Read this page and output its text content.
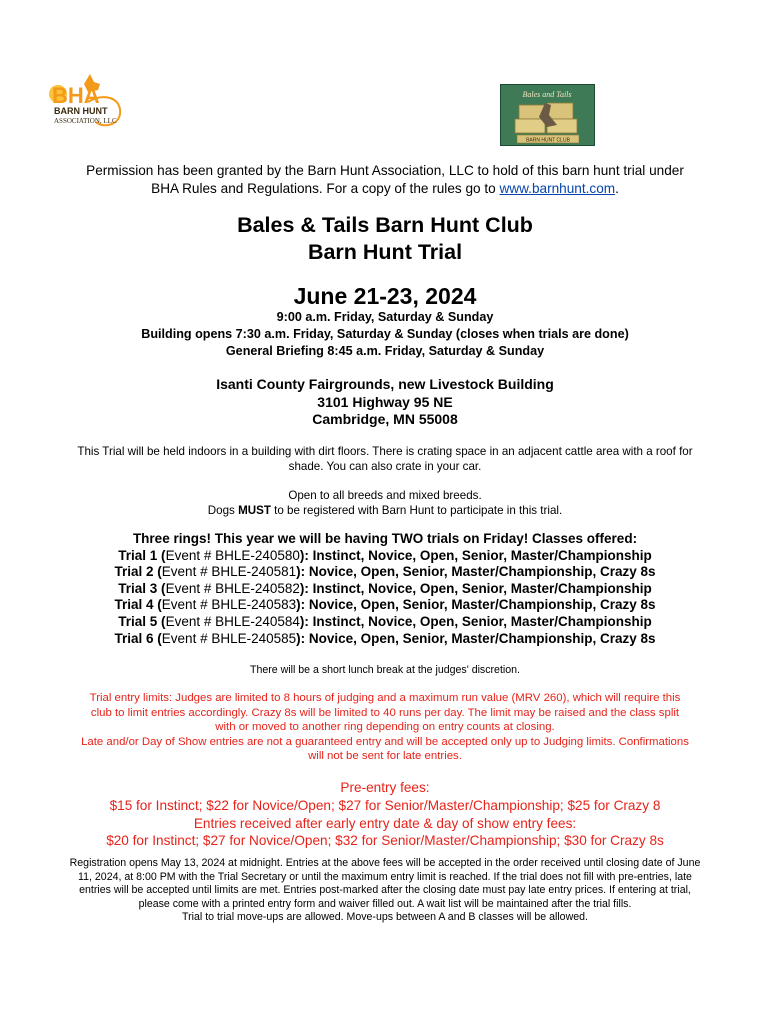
BHA
BARN HUNT
ASSOCIATION, LLC
Bales and Tails
BARN HUNT CLUB
Permission has been granted by the Barn Hunt Association, LLC to hold of this barn hunt trial under
BHA Rules and Regulations. For a copy of the rules go to www.barnhunt.com.
Bales & Tails Barn Hunt Club
Barn Hunt Trial
June 21-23, 2024
9:00 a.m. Friday, Saturday & Sunday
Building opens 7:30 a.m. Friday, Saturday & Sunday (closes when trials are done)
General Briefing 8:45 a.m. Friday, Saturday & Sunday
Isanti County Fairgrounds, new Livestock Building
3101 Highway 95 NE
Cambridge, MN 55008
This Trial will be held indoors in a building with dirt floors. There is crating space in an adjacent cattle area with a roof for
shade. You can also crate in your car.
Open to all breeds and mixed breeds.
Dogs MUST to be registered with Barn Hunt to participate in this trial.
Three rings! This year we will be having TWO trials on Friday! Classes offered:
Trial 1 (Event # BHLE-240580): Instinct, Novice, Open, Senior, Master/Championship
Trial 2 (Event # BHLE-240581): Novice, Open, Senior, Master/Championship, Crazy 8s
Trial 3 (Event # BHLE-240582): Instinct, Novice, Open, Senior, Master/Championship
Trial 4 (Event # BHLE-240583): Novice, Open, Senior, Master/Championship, Crazy 8s
Trial 5 (Event # BHLE-240584): Instinct, Novice, Open, Senior, Master/Championship
Trial 6 (Event # BHLE-240585): Novice, Open, Senior, Master/Championship, Crazy 8s
There will be a short lunch break at the judges' discretion.
Trial entry limits: Judges are limited to 8 hours of judging and a maximum run value (MRV 260), which will require this
club to limit entries accordingly. Crazy 8s will be limited to 40 runs per day. The limit may be raised and the class split
with or moved to another ring depending on entry counts at closing.
Late and/or Day of Show entries are not a guaranteed entry and will be accepted only up to Judging limits. Confirmations
will not be sent for late entries.
Pre-entry fees:
$15 for Instinct; $22 for Novice/Open; $27 for Senior/Master/Championship; $25 for Crazy 8
Entries received after early entry date & day of show entry fees:
$20 for Instinct; $27 for Novice/Open; $32 for Senior/Master/Championship; $30 for Crazy 8s
Registration opens May 13, 2024 at midnight. Entries at the above fees will be accepted in the order received until closing date of June
11, 2024, at 8:00 PM with the Trial Secretary or until the maximum entry limit is reached. If the trial does not fill with pre-entries, late
entries will be accepted until limits are met. Entries post-marked after the closing date must pay late entry prices. If entering at trial,
please come with a printed entry form and waiver filled out. A wait list will be maintained after the trial fills.
Trial to trial move-ups are allowed. Move-ups between A and B classes will be allowed.
